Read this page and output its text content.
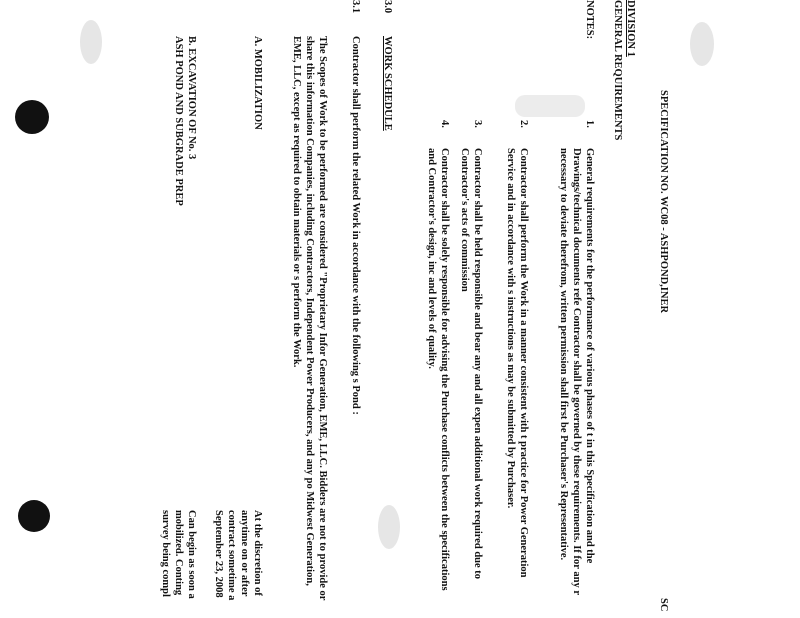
SPECIFICATION NO. WC08 - ASHPOND,INER
SC
DIVISION 1
GENERAL REQUIREMENTS
NOTES:
1.
General requirements for the performance of various phases of t in this Specification and the Drawings/technical documents refe Contractor shall be governed by these requirements. If for any r necessary to deviate therefrom, written permission shall first be Purchaser's Representative.
2.
Contractor shall perform the Work in a manner consistent with t practice for Power Generation Service and in accordance with s instructions as may be submitted by Purchaser.
3.
Contractor shall be held responsible and bear any and all expen additional work required due to Contractor's acts of commission
4.
Contractor shall be solely responsible for advising the Purchase conflicts between the specifications and Contractor's design, inc and levels of quality.
3.0
WORK SCHEDULE
3.1
Contractor shall perform the related Work in accordance with the following s Pond :
The Scopes of Work to be performed are considered "Proprietary Infor Generation, EME, LLC. Bidders are not to provide or share this information Companies, including Contractors, Independent Power Producers, and any po Midwest Generation, EME, LLC, except as required to obtain materials or s perform the Work.
A. MOBILIZATION
At the discretion of anytime on or after contract sometime a September 23, 2008
B. EXCAVATION OF No. 3
ASH POND AND SUBGRADE PREP
Can begin as soon a mobilized. Conting survey being compl
